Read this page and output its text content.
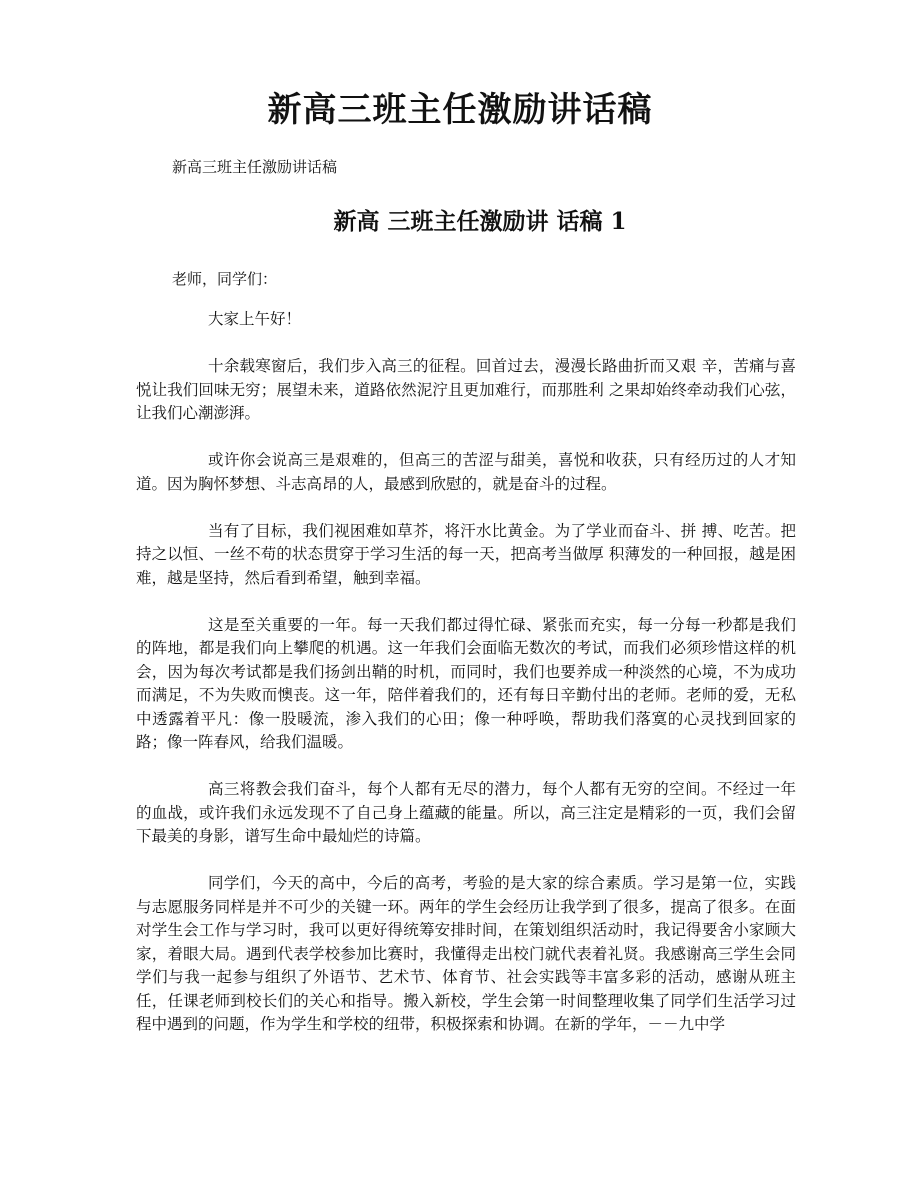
新高三班主任激励讲话稿

新高三班主任激励讲话稿

新高 三班主任激励讲 话稿 1

老师，同学们：

大家上午好！

十余载寒窗后，我们步入高三的征程。回首过去，漫漫长路曲折而又艰 辛，苦痛与喜悦让我们回味无穷；展望未来，道路依然泥泞且更加难行，而那胜利 之果却始终牵动我们心弦，让我们心潮澎湃。

或许你会说高三是艰难的，但高三的苦涩与甜美，喜悦和收获，只有经历过的人才知道。因为胸怀梦想、斗志高昂的人，最感到欣慰的，就是奋斗的过程。

当有了目标，我们视困难如草芥，将汗水比黄金。为了学业而奋斗、拼 搏、吃苦。把持之以恒、一丝不苟的状态贯穿于学习生活的每一天，把高考当做厚 积薄发的一种回报，越是困难，越是坚持，然后看到希望，触到幸福。

这是至关重要的一年。每一天我们都过得忙碌、紧张而充实，每一分每一秒都是我们的阵地，都是我们向上攀爬的机遇。这一年我们会面临无数次的考试，而我们必须珍惜这样的机会，因为每次考试都是我们扬剑出鞘的时机，而同时，我们也要养成一种淡然的心境，不为成功而满足，不为失败而懊丧。这一年，陪伴着我们的，还有每日辛勤付出的老师。老师的爱，无私中透露着平凡：像一股暖流，渗入我们的心田；像一种呼唤，帮助我们落寞的心灵找到回家的路；像一阵春风，给我们温暖。

高三将教会我们奋斗，每个人都有无尽的潜力，每个人都有无穷的空间。不经过一年的血战，或许我们永远发现不了自己身上蕴藏的能量。所以，高三注定是精彩的一页，我们会留下最美的身影，谱写生命中最灿烂的诗篇。

同学们，今天的高中，今后的高考，考验的是大家的综合素质。学习是第一位，实践与志愿服务同样是并不可少的关键一环。两年的学生会经历让我学到了很多，提高了很多。在面对学生会工作与学习时，我可以更好得统筹安排时间，在策划组织活动时，我记得要舍小家顾大家，着眼大局。遇到代表学校参加比赛时，我懂得走出校门就代表着礼贤。我感谢高三学生会同学们与我一起参与组织了外语节、艺术节、体育节、社会实践等丰富多彩的活动，感谢从班主任，任课老师到校长们的关心和指导。搬入新校，学生会第一时间整理收集了同学们生活学习过程中遇到的问题，作为学生和学校的纽带，积极探索和协调。在新的学年，－－九中学
